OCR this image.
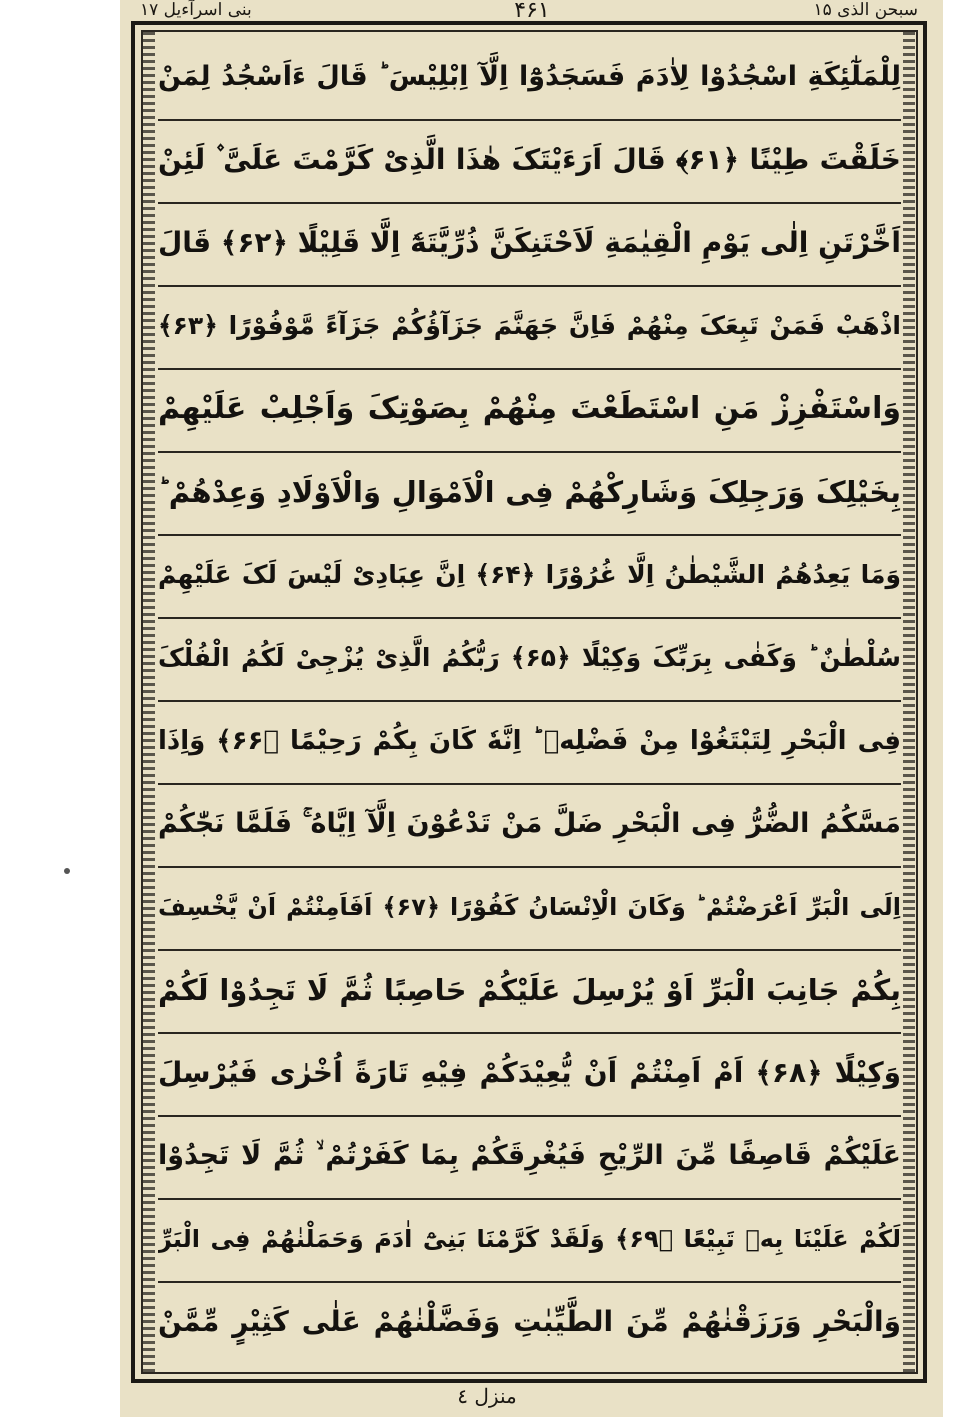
سبحن الذی ۱۵
۴۶۱
بنی اسرآءیل ۱۷
لِلْمَلٰٓئِکَةِ اسْجُدُوْا لِاٰدَمَ فَسَجَدُوْٓا اِلَّآ اِبْلِیْسَ ؕ قَالَ ءَاَسْجُدُ لِمَنْ
خَلَقْتَ طِیْنًا ﴿۶۱﴾ قَالَ اَرَءَیْتَکَ هٰذَا الَّذِیْ کَرَّمْتَ عَلَیَّ ۫ لَئِنْ
اَخَّرْتَنِ اِلٰی یَوْمِ الْقِیٰمَةِ لَاَحْتَنِکَنَّ ذُرِّیَّتَهٗٓ اِلَّا قَلِیْلًا ﴿۶۲﴾ قَالَ
اذْهَبْ فَمَنْ تَبِعَکَ مِنْهُمْ فَاِنَّ جَهَنَّمَ جَزَآؤُکُمْ جَزَآءً مَّوْفُوْرًا ﴿۶۳﴾
وَاسْتَفْزِزْ مَنِ اسْتَطَعْتَ مِنْهُمْ بِصَوْتِکَ وَاَجْلِبْ عَلَیْهِمْ
بِخَیْلِکَ وَرَجِلِکَ وَشَارِکْهُمْ فِی الْاَمْوَالِ وَالْاَوْلَادِ وَعِدْهُمْ ؕ
وَمَا یَعِدُهُمُ الشَّیْطٰنُ اِلَّا غُرُوْرًا ﴿۶۴﴾ اِنَّ عِبَادِیْ لَیْسَ لَکَ عَلَیْهِمْ
سُلْطٰنٌ ؕ وَکَفٰی بِرَبِّکَ وَکِیْلًا ﴿۶۵﴾ رَبُّکُمُ الَّذِیْ یُزْجِیْ لَکُمُ الْفُلْکَ
فِی الْبَحْرِ لِتَبْتَغُوْا مِنْ فَضْلِهٖ ؕ اِنَّهٗ کَانَ بِکُمْ رَحِیْمًا ﴿۶۶﴾ وَاِذَا
مَسَّکُمُ الضُّرُّ فِی الْبَحْرِ ضَلَّ مَنْ تَدْعُوْنَ اِلَّآ اِیَّاهُ ۚ فَلَمَّا نَجّٰکُمْ
اِلَی الْبَرِّ اَعْرَضْتُمْ ؕ وَکَانَ الْاِنْسَانُ کَفُوْرًا ﴿۶۷﴾ اَفَاَمِنْتُمْ اَنْ یَّخْسِفَ
بِکُمْ جَانِبَ الْبَرِّ اَوْ یُرْسِلَ عَلَیْکُمْ حَاصِبًا ثُمَّ لَا تَجِدُوْا لَکُمْ
وَکِیْلًا ﴿۶۸﴾ اَمْ اَمِنْتُمْ اَنْ یُّعِیْدَکُمْ فِیْهِ تَارَةً اُخْرٰی فَیُرْسِلَ
عَلَیْکُمْ قَاصِفًا مِّنَ الرِّیْحِ فَیُغْرِقَکُمْ بِمَا کَفَرْتُمْ ۙ ثُمَّ لَا تَجِدُوْا
لَکُمْ عَلَیْنَا بِهٖ تَبِیْعًا ﴿۶۹﴾ وَلَقَدْ کَرَّمْنَا بَنِیْٓ اٰدَمَ وَحَمَلْنٰهُمْ فِی الْبَرِّ
وَالْبَحْرِ وَرَزَقْنٰهُمْ مِّنَ الطَّیِّبٰتِ وَفَضَّلْنٰهُمْ عَلٰی کَثِیْرٍ مِّمَّنْ
منزل ٤
